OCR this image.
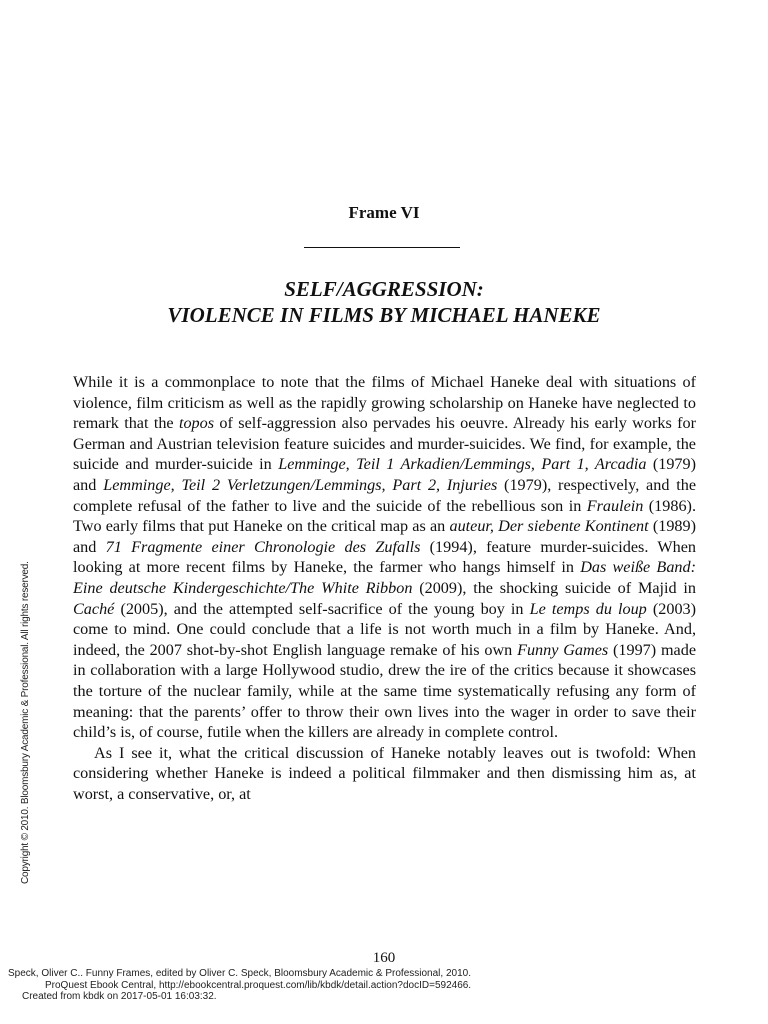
Frame VI
SELF/AGGRESSION:
VIOLENCE IN FILMS BY MICHAEL HANEKE

While it is a commonplace to note that the films of Michael Haneke deal with situations of violence, film criticism as well as the rapidly growing scholarship on Haneke have neglected to remark that the topos of self-aggression also pervades his oeuvre. Already his early works for German and Austrian television feature suicides and murder-suicides. We find, for example, the suicide and murder-suicide in Lemminge, Teil 1 Arkadien/Lemmings, Part 1, Arcadia (1979) and Lemminge, Teil 2 Verletzungen/Lemmings, Part 2, Injuries (1979), respectively, and the complete refusal of the father to live and the suicide of the rebellious son in Fraulein (1986). Two early films that put Haneke on the critical map as an auteur, Der siebente Kontinent (1989) and 71 Fragmente einer Chronologie des Zufalls (1994), feature murder-suicides. When looking at more recent films by Haneke, the farmer who hangs himself in Das weiße Band: Eine deutsche Kindergeschichte/The White Ribbon (2009), the shocking suicide of Majid in Caché (2005), and the attempted self-sacrifice of the young boy in Le temps du loup (2003) come to mind. One could conclude that a life is not worth much in a film by Haneke. And, indeed, the 2007 shot-by-shot English language remake of his own Funny Games (1997) made in collaboration with a large Hollywood studio, drew the ire of the critics because it showcases the torture of the nuclear family, while at the same time systematically refusing any form of meaning: that the parents’ offer to throw their own lives into the wager in order to save their child’s is, of course, futile when the killers are already in complete control.

As I see it, what the critical discussion of Haneke notably leaves out is twofold: When considering whether Haneke is indeed a political filmmaker and then dismissing him as, at worst, a conservative, or, at

160
Copyright © 2010. Bloomsbury Academic & Professional. All rights reserved.
Speck, Oliver C.. Funny Frames, edited by Oliver C. Speck, Bloomsbury Academic & Professional, 2010.
ProQuest Ebook Central, http://ebookcentral.proquest.com/lib/kbdk/detail.action?docID=592466.
Created from kbdk on 2017-05-01 16:03:32.
